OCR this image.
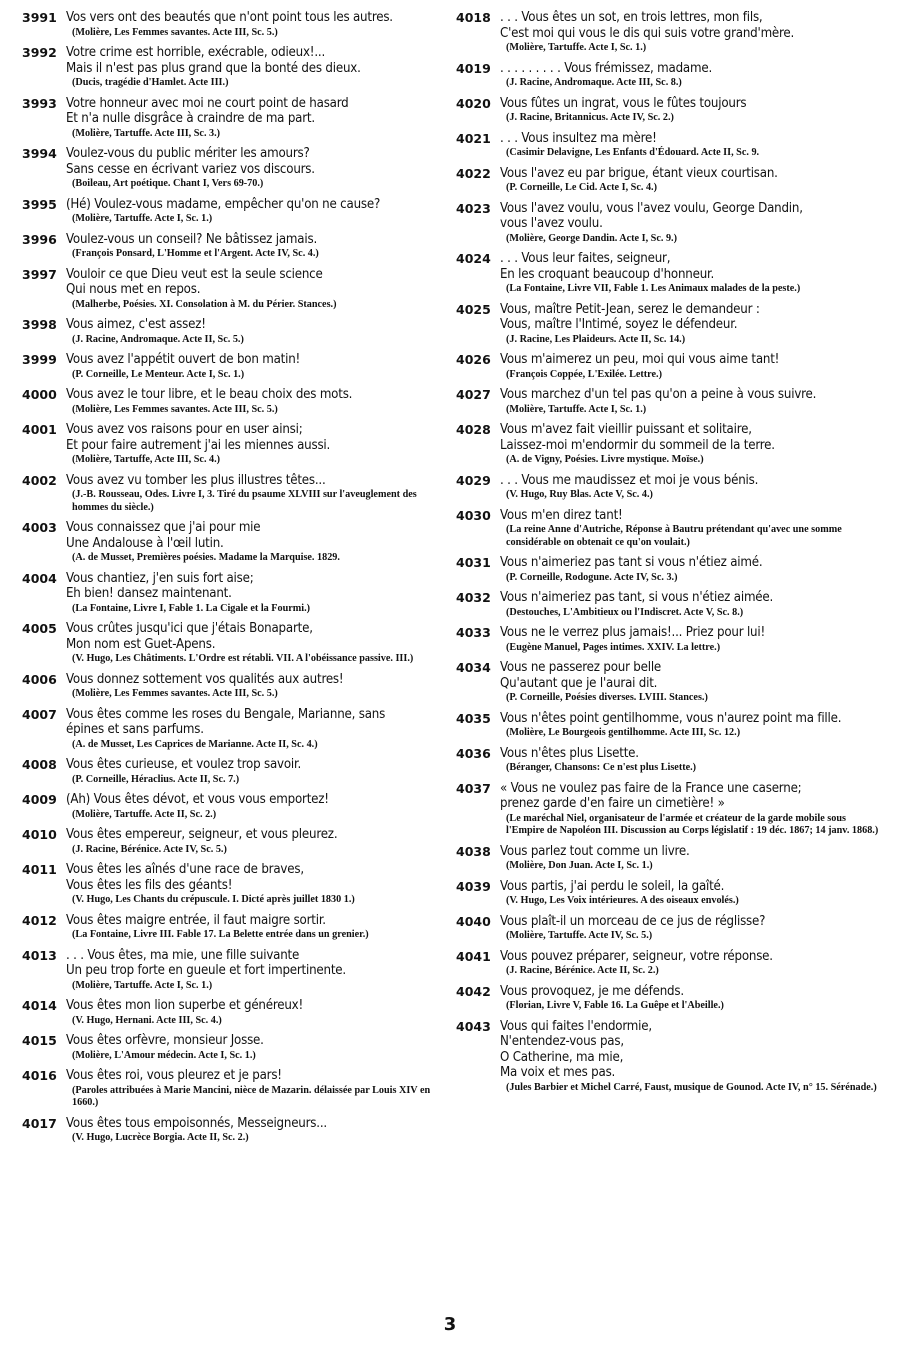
3991 Vos vers ont des beautés que n'ont point tous les autres.
(Molière, Les Femmes savantes. Acte III, Sc. 5.)
3992 Votre crime est horrible, exécrable, odieux!...
Mais il n'est pas plus grand que la bonté des dieux.
(Ducis, tragédie d'Hamlet. Acte III.)
3993 Votre honneur avec moi ne court point de hasard
Et n'a nulle disgrâce à craindre de ma part.
(Molière, Tartuffe. Acte III, Sc. 3.)
3994 Voulez-vous du public mériter les amours?
Sans cesse en écrivant variez vos discours.
(Boileau, Art poétique. Chant I, Vers 69-70.)
3995 (Hé) Voulez-vous madame, empêcher qu'on ne cause?
(Molière, Tartuffe. Acte I, Sc. 1.)
3996 Voulez-vous un conseil? Ne bâtissez jamais.
(François Ponsard, L'Homme et l'Argent. Acte IV, Sc. 4.)
3997 Vouloir ce que Dieu veut est la seule science
Qui nous met en repos.
(Malherbe, Poésies. XI. Consolation à M. du Périer. Stances.)
3998 Vous aimez, c'est assez!
(J. Racine, Andromaque. Acte II, Sc. 5.)
3999 Vous avez l'appétit ouvert de bon matin!
(P. Corneille, Le Menteur. Acte I, Sc. 1.)
4000 Vous avez le tour libre, et le beau choix des mots.
(Molière, Les Femmes savantes. Acte III, Sc. 5.)
4001 Vous avez vos raisons pour en user ainsi;
Et pour faire autrement j'ai les miennes aussi.
(Molière, Tartuffe, Acte III, Sc. 4.)
4002 Vous avez vu tomber les plus illustres têtes...
(J.-B. Rousseau, Odes. Livre I, 3. Tiré du psaume XLVIII sur l'aveuglement des hommes du siècle.)
4003 Vous connaissez que j'ai pour mie
Une Andalouse à l'œil lutin.
(A. de Musset, Premières poésies. Madame la Marquise. 1829.
4004 Vous chantiez, j'en suis fort aise;
Eh bien! dansez maintenant.
(La Fontaine, Livre I, Fable 1. La Cigale et la Fourmi.)
4005 Vous crûtes jusqu'ici que j'étais Bonaparte,
Mon nom est Guet-Apens.
(V. Hugo, Les Châtiments. L'Ordre est rétabli. VII. A l'obéissance passive. III.)
4006 Vous donnez sottement vos qualités aux autres!
(Molière, Les Femmes savantes. Acte III, Sc. 5.)
4007 Vous êtes comme les roses du Bengale, Marianne, sans
épines et sans parfums.
(A. de Musset, Les Caprices de Marianne. Acte II, Sc. 4.)
4008 Vous êtes curieuse, et voulez trop savoir.
(P. Corneille, Héraclius. Acte II, Sc. 7.)
4009 (Ah) Vous êtes dévot, et vous vous emportez!
(Molière, Tartuffe. Acte II, Sc. 2.)
4010 Vous êtes empereur, seigneur, et vous pleurez.
(J. Racine, Bérénice. Acte IV, Sc. 5.)
4011 Vous êtes les aînés d'une race de braves,
Vous êtes les fils des géants!
(V. Hugo, Les Chants du crépuscule. I. Dicté après juillet 1830 1.)
4012 Vous êtes maigre entrée, il faut maigre sortir.
(La Fontaine, Livre III. Fable 17. La Belette entrée dans un grenier.)
4013 . . . Vous êtes, ma mie, une fille suivante
Un peu trop forte en gueule et fort impertinente.
(Molière, Tartuffe. Acte I, Sc. 1.)
4014 Vous êtes mon lion superbe et généreux!
(V. Hugo, Hernani. Acte III, Sc. 4.)
4015 Vous êtes orfèvre, monsieur Josse.
(Molière, L'Amour médecin. Acte I, Sc. 1.)
4016 Vous êtes roi, vous pleurez et je pars!
(Paroles attribuées à Marie Mancini, nièce de Mazarin. délaissée par Louis XIV en 1660.)
4017 Vous êtes tous empoisonnés, Messeigneurs...
(V. Hugo, Lucrèce Borgia. Acte II, Sc. 2.)
4018 . . . Vous êtes un sot, en trois lettres, mon fils,
C'est moi qui vous le dis qui suis votre grand'mère.
(Molière, Tartuffe. Acte I, Sc. 1.)
4019 . . . . . . . . . Vous frémissez, madame.
(J. Racine, Andromaque. Acte III, Sc. 8.)
4020 Vous fûtes un ingrat, vous le fûtes toujours
(J. Racine, Britannicus. Acte IV, Sc. 2.)
4021 . . . Vous insultez ma mère!
(Casimir Delavigne, Les Enfants d'Édouard. Acte II, Sc. 9.
4022 Vous l'avez eu par brigue, étant vieux courtisan.
(P. Corneille, Le Cid. Acte I, Sc. 4.)
4023 Vous l'avez voulu, vous l'avez voulu, George Dandin,
vous l'avez voulu.
(Molière, George Dandin. Acte I, Sc. 9.)
4024 . . . Vous leur faites, seigneur,
En les croquant beaucoup d'honneur.
(La Fontaine, Livre VII, Fable 1. Les Animaux malades de la peste.)
4025 Vous, maître Petit-Jean, serez le demandeur :
Vous, maître l'Intimé, soyez le défendeur.
(J. Racine, Les Plaideurs. Acte II, Sc. 14.)
4026 Vous m'aimerez un peu, moi qui vous aime tant!
(François Coppée, L'Exilée. Lettre.)
4027 Vous marchez d'un tel pas qu'on a peine à vous suivre.
(Molière, Tartuffe. Acte I, Sc. 1.)
4028 Vous m'avez fait vieillir puissant et solitaire,
Laissez-moi m'endormir du sommeil de la terre.
(A. de Vigny, Poésies. Livre mystique. Moïse.)
4029 . . . Vous me maudissez et moi je vous bénis.
(V. Hugo, Ruy Blas. Acte V, Sc. 4.)
4030 Vous m'en direz tant!
(La reine Anne d'Autriche, Réponse à Bautru prétendant qu'avec une somme considérable on obtenait ce qu'on voulait.)
4031 Vous n'aimeriez pas tant si vous n'étiez aimé.
(P. Corneille, Rodogune. Acte IV, Sc. 3.)
4032 Vous n'aimeriez pas tant, si vous n'étiez aimée.
(Destouches, L'Ambitieux ou l'Indiscret. Acte V, Sc. 8.)
4033 Vous ne le verrez plus jamais!... Priez pour lui!
(Eugène Manuel, Pages intimes. XXIV. La lettre.)
4034 Vous ne passerez pour belle
Qu'autant que je l'aurai dit.
(P. Corneille, Poésies diverses. LVIII. Stances.)
4035 Vous n'êtes point gentilhomme, vous n'aurez point ma fille.
(Molière, Le Bourgeois gentilhomme. Acte III, Sc. 12.)
4036 Vous n'êtes plus Lisette.
(Béranger, Chansons: Ce n'est plus Lisette.)
4037 « Vous ne voulez pas faire de la France une caserne;
prenez garde d'en faire un cimetière! »
(Le maréchal Niel, organisateur de l'armée et créateur de la garde mobile sous l'Empire de Napoléon III. Discussion au Corps législatif : 19 déc. 1867; 14 janv. 1868.)
4038 Vous parlez tout comme un livre.
(Molière, Don Juan. Acte I, Sc. 1.)
4039 Vous partis, j'ai perdu le soleil, la gaîté.
(V. Hugo, Les Voix intérieures. A des oiseaux envolés.)
4040 Vous plaît-il un morceau de ce jus de réglisse?
(Molière, Tartuffe. Acte IV, Sc. 5.)
4041 Vous pouvez préparer, seigneur, votre réponse.
(J. Racine, Bérénice. Acte II, Sc. 2.)
4042 Vous provoquez, je me défends.
(Florian, Livre V, Fable 16. La Guêpe et l'Abeille.)
4043 Vous qui faites l'endormie,
N'entendez-vous pas,
O Catherine, ma mie,
Ma voix et mes pas.
(Jules Barbier et Michel Carré, Faust, musique de Gounod. Acte IV, n° 15. Sérénade.)
3
